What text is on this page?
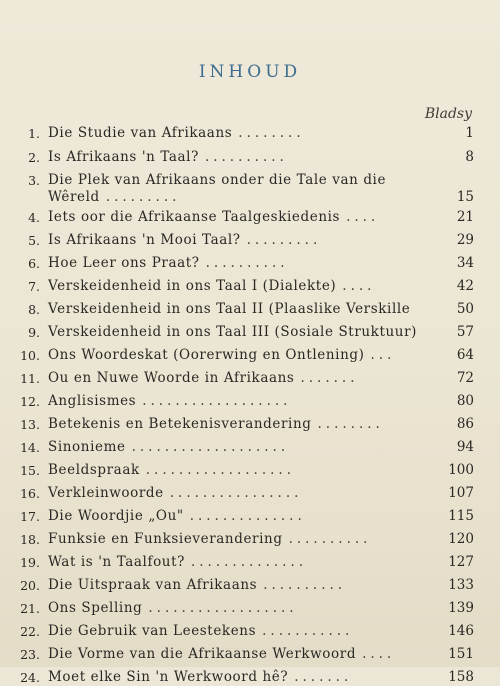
INHOUD
Bladsy
1. Die Studie van Afrikaans ........	1
2. Is Afrikaans 'n Taal? ..........	8
3. Die Plek van Afrikaans onder die Tale van die Wêreld .........	15
4. Iets oor die Afrikaanse Taalgeskiedenis ....	21
5. Is Afrikaans 'n Mooi Taal? .........	29
6. Hoe Leer ons Praat? ..........	34
7. Verskeidenheid in ons Taal I (Dialekte) ....	42
8. Verskeidenheid in ons Taal II (Plaaslike Verskille	50
9. Verskeidenheid in ons Taal III (Sosiale Struktuur)	57
10. Ons Woordeskat (Oorerwing en Ontlening) ...	64
11. Ou en Nuwe Woorde in Afrikaans .......	72
12. Anglisismes ..................	80
13. Betekenis en Betekenisverandering ........	86
14. Sinonieme ...................	94
15. Beeldspraak ..................	100
16. Verkleinwoorde ................	107
17. Die Woordjie „Ou" ..............	115
18. Funksie en Funksieverandering ..........	120
19. Wat is 'n Taalfout? ..............	127
20. Die Uitspraak van Afrikaans ..........	133
21. Ons Spelling ..................	139
22. Die Gebruik van Leestekens ...........	146
23. Die Vorme van die Afrikaanse Werkwoord ....	151
24. Moet elke Sin 'n Werkwoord hê? .......	158
